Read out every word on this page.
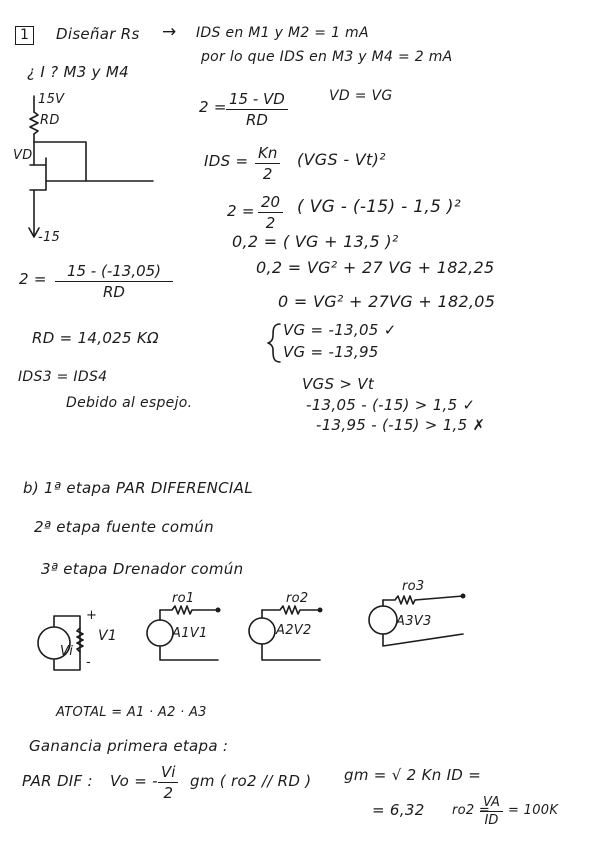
1 Diseñar Rs → IDS en M1 y M2 = 1 mA
por lo que IDS en M3 y M4 = 2 mA
¿ I ? M3 y M4
VD = VG
15V
RD
VD
-15
$2 = \frac{15 - VD}{RD}$
IDS = $\frac{Kn}{2} (VGS - Vt)^2$
$2 = \frac{20}{2}$ ( VG - (-15) - 1,5 )²
0,2 = ( VG + 13,5 )²
0,2 = VG² + 27 VG + 182,25
0 = VG² + 27VG + 182,05
VG = -13,05 ✓
VG = -13,95
VGS > Vt
-13,05 - (-15) > 1,5 ✓
-13,95 - (-15) > 1,5 ✗
$2 = \frac{15 - (-13,05)}{RD}$
RD = 14,025 KΩ
IDS3 = IDS4
Debido al espejo.
b) 1ª etapa PAR DIFERENCIAL
2ª etapa fuente común
3ª etapa Drenador común
Vi
V1
+
-
ro1
A1V1
ro2
A2V2
ro3
A3V3
ATOTAL = A1 · A2 · A3
Ganancia primera etapa :
PAR DIF : Vo = - $\frac{Vi}{2}$ gm ( ro2 // RD ) gm = √ 2 Kn ID =
= 6,32 ro2 =
$\frac{VA}{ID} = 100K$
